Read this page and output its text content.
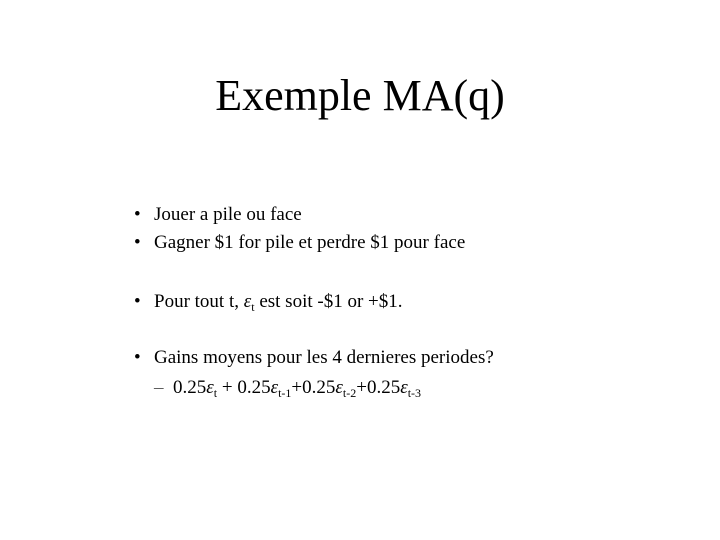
Exemple MA(q)
• Jouer a pile ou face
• Gagner $1 for pile et perdre $1 pour face
• Pour tout t, $\varepsilon_t$ est soit -$1 or +$1.
• Gains moyens pour les 4 dernieres periodes?
– $0.25\varepsilon_t + 0.25\varepsilon_{t-1}+0.25\varepsilon_{t-2}+0.25\varepsilon_{t-3}$
